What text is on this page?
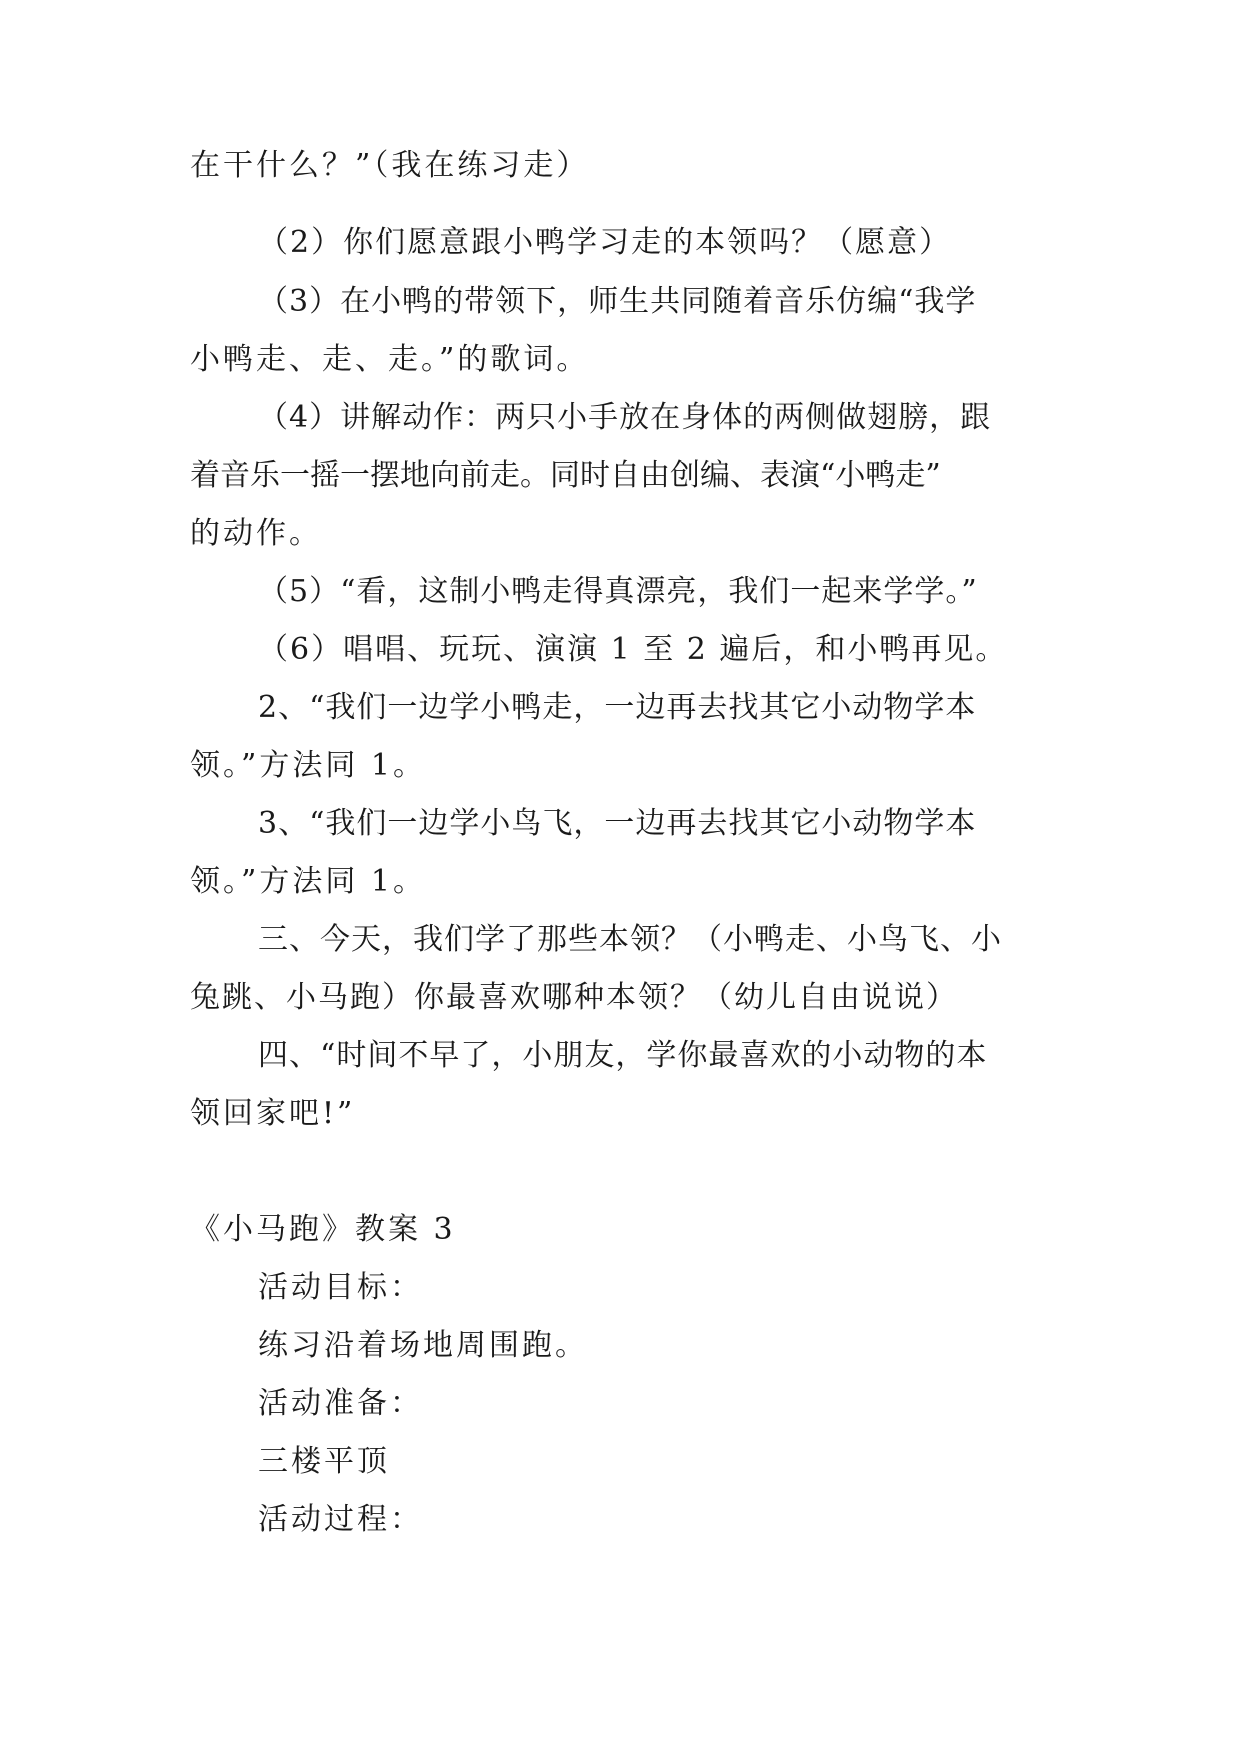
在干什么？”（我在练习走）
（2）你们愿意跟小鸭学习走的本领吗？（愿意）
（3）在小鸭的带领下，师生共同随着音乐仿编“我学
小鸭走、走、走。”的歌词。
（4）讲解动作：两只小手放在身体的两侧做翅膀，跟
着音乐一摇一摆地向前走。同时自由创编、表演“小鸭走”
的动作。
（5）“看，这制小鸭走得真漂亮，我们一起来学学。”
（6）唱唱、玩玩、演演 1 至 2 遍后，和小鸭再见。
2、“我们一边学小鸭走，一边再去找其它小动物学本
领。”方法同 1。
3、“我们一边学小鸟飞，一边再去找其它小动物学本
领。”方法同 1。
三、今天，我们学了那些本领？（小鸭走、小鸟飞、小
兔跳、小马跑）你最喜欢哪种本领？（幼儿自由说说）
四、“时间不早了，小朋友，学你最喜欢的小动物的本
领回家吧!”
《小马跑》教案 3
活动目标：
练习沿着场地周围跑。
活动准备：
三楼平顶
活动过程：
